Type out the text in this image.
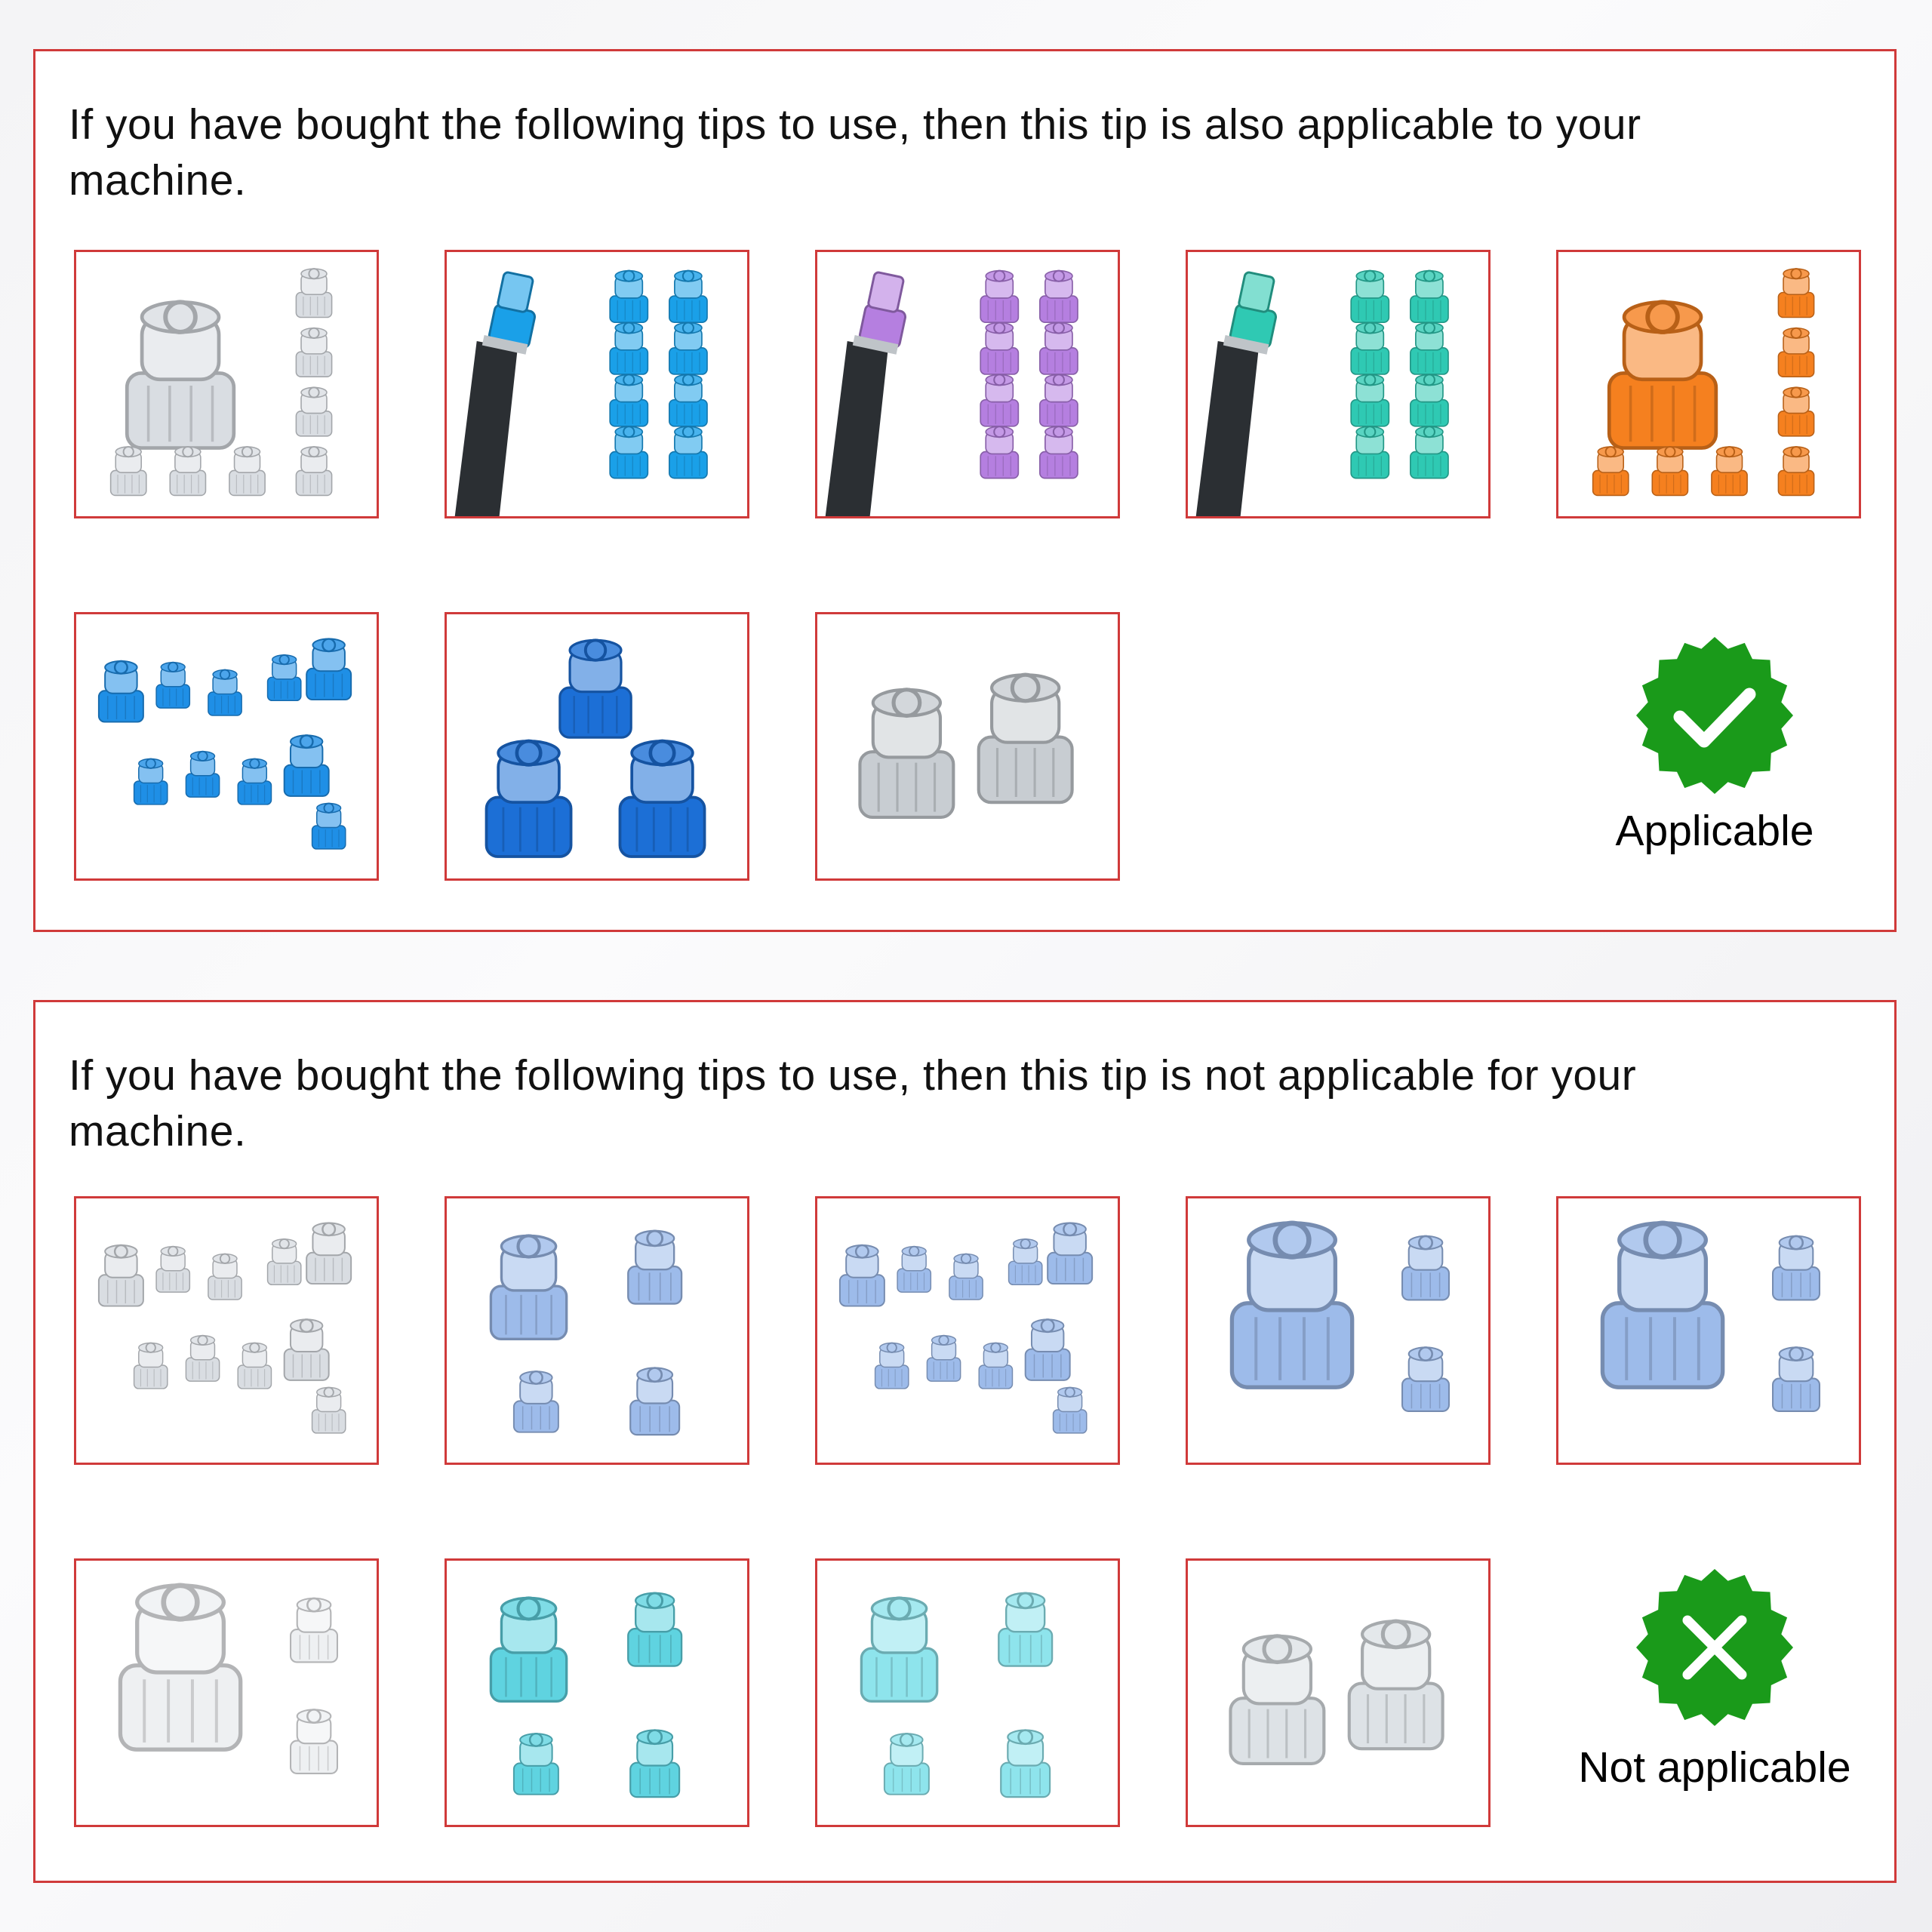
If you have bought the following tips to use, then this tip is also applicable to your machine.

Applicable

If you have bought the following tips to use, then this tip is not applicable for your machine.

Not applicable
